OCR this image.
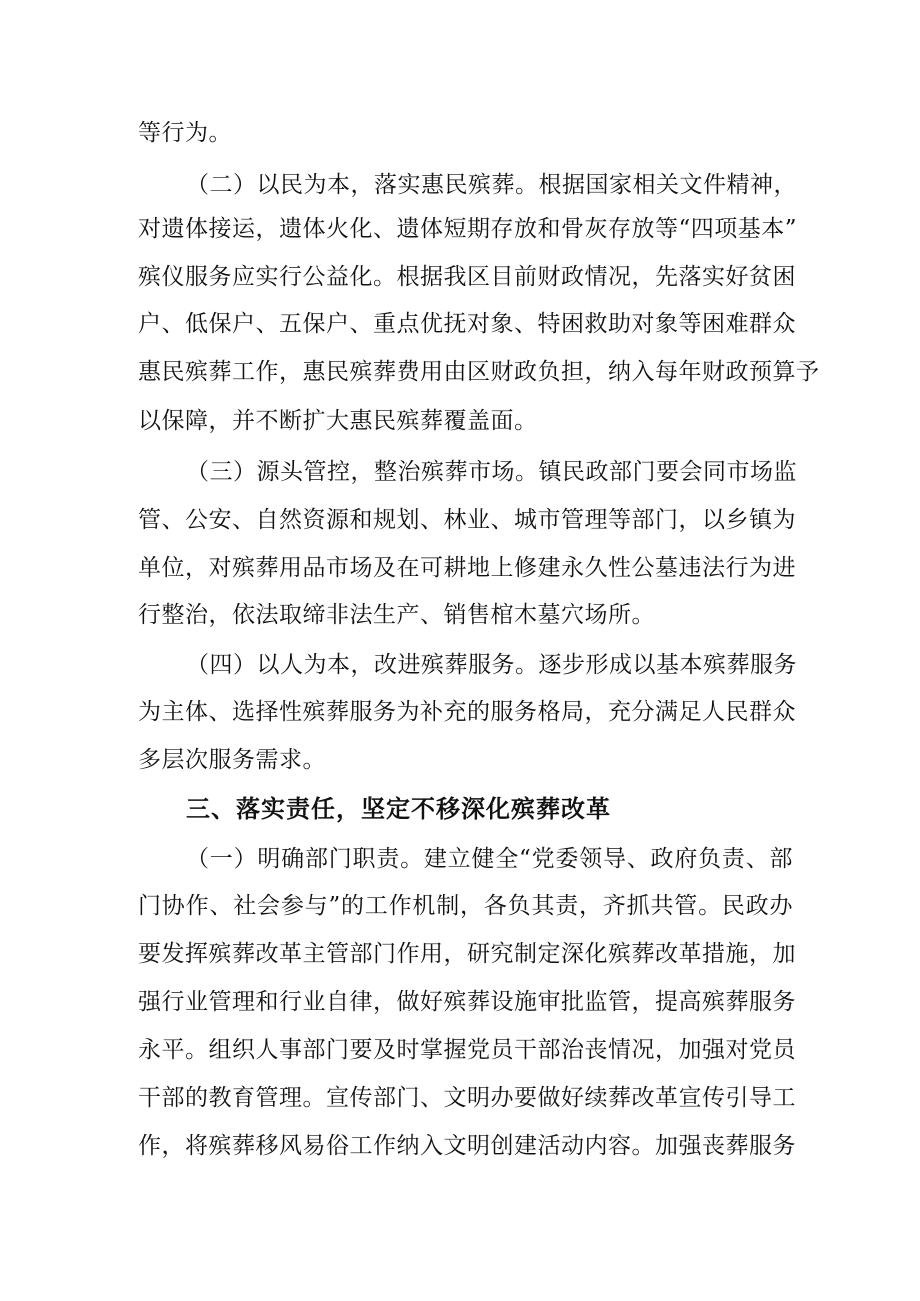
等行为。
（二）以民为本，落实惠民殡葬。根据国家相关文件精神，
对遗体接运，遗体火化、遗体短期存放和骨灰存放等“四项基本”
殡仪服务应实行公益化。根据我区目前财政情况，先落实好贫困
户、低保户、五保户、重点优抚对象、特困救助对象等困难群众
惠民殡葬工作，惠民殡葬费用由区财政负担，纳入每年财政预算予
以保障，并不断扩大惠民殡葬覆盖面。
（三）源头管控，整治殡葬市场。镇民政部门要会同市场监
管、公安、自然资源和规划、林业、城市管理等部门，以乡镇为
单位，对殡葬用品市场及在可耕地上修建永久性公墓违法行为进
行整治，依法取缔非法生产、销售棺木墓穴场所。
（四）以人为本，改进殡葬服务。逐步形成以基本殡葬服务
为主体、选择性殡葬服务为补充的服务格局，充分满足人民群众
多层次服务需求。
三、落实责任，坚定不移深化殡葬改革
（一）明确部门职责。建立健全“党委领导、政府负责、部
门协作、社会参与”的工作机制，各负其责，齐抓共管。民政办
要发挥殡葬改革主管部门作用，研究制定深化殡葬改革措施，加
强行业管理和行业自律，做好殡葬设施审批监管，提高殡葬服务
永平。组织人事部门要及时掌握党员干部治丧情况，加强对党员
干部的教育管理。宣传部门、文明办要做好续葬改革宣传引导工
作，将殡葬移风易俗工作纳入文明创建活动内容。加强丧葬服务
